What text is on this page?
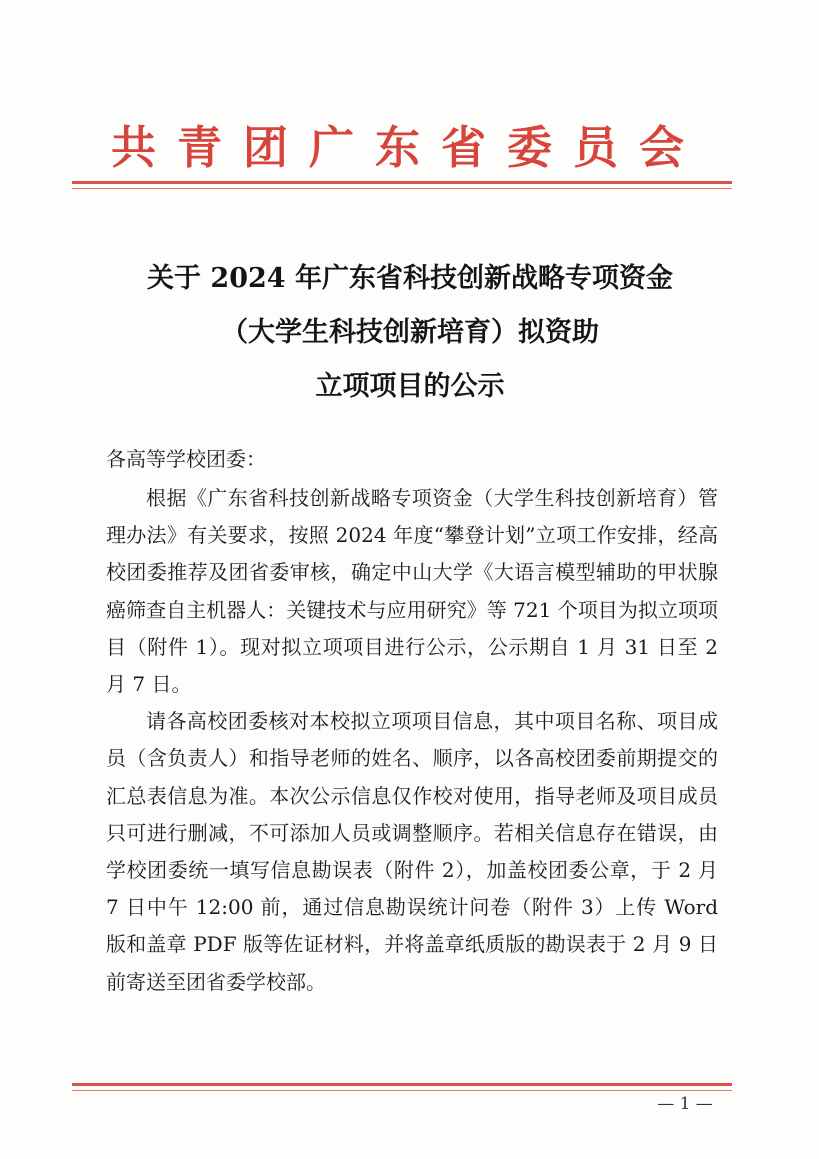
共青团广东省委员会
关于 2024 年广东省科技创新战略专项资金
（大学生科技创新培育）拟资助
立项项目的公示
各高等学校团委：

根据《广东省科技创新战略专项资金（大学生科技创新培育）管理办法》有关要求，按照 2024 年度“攀登计划”立项工作安排，经高校团委推荐及团省委审核，确定中山大学《大语言模型辅助的甲状腺癌筛查自主机器人：关键技术与应用研究》等 721 个项目为拟立项项目（附件 1）。现对拟立项项目进行公示，公示期自 1 月 31 日至 2 月 7 日。

请各高校团委核对本校拟立项项目信息，其中项目名称、项目成员（含负责人）和指导老师的姓名、顺序，以各高校团委前期提交的汇总表信息为准。本次公示信息仅作校对使用，指导老师及项目成员只可进行删减，不可添加人员或调整顺序。若相关信息存在错误，由学校团委统一填写信息勘误表（附件 2），加盖校团委公章，于 2 月 7 日中午 12:00 前，通过信息勘误统计问卷（附件 3）上传 Word 版和盖章 PDF 版等佐证材料，并将盖章纸质版的勘误表于 2 月 9 日前寄送至团省委学校部。

— 1 —
